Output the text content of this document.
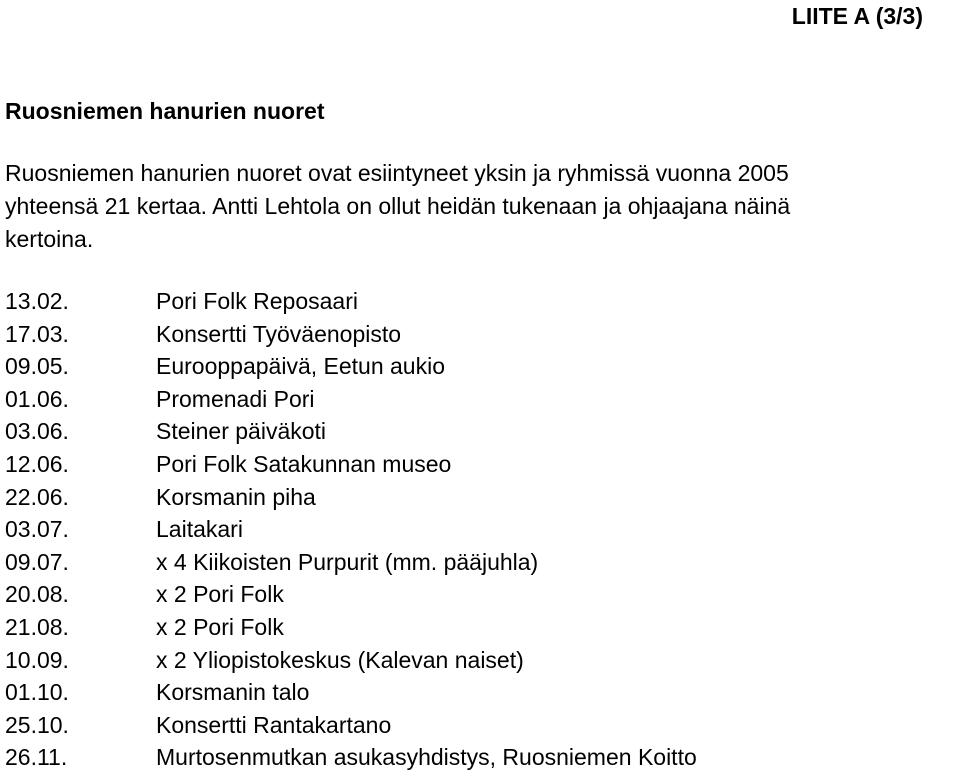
LIITE A (3/3)
Ruosniemen hanurien nuoret

Ruosniemen hanurien nuoret ovat esiintyneet yksin ja ryhmissä vuonna 2005
yhteensä 21 kertaa. Antti Lehtola on ollut heidän tukenaan ja ohjaajana näinä
kertoina.

13.02.	Pori Folk Reposaari
17.03.	Konsertti Työväenopisto
09.05.	Eurooppapäivä, Eetun aukio
01.06.	Promenadi Pori
03.06.	Steiner päiväkoti
12.06.	Pori Folk Satakunnan museo
22.06.	Korsmanin piha
03.07.	Laitakari
09.07.	x 4 Kiikoisten Purpurit (mm. pääjuhla)
20.08.	x 2 Pori Folk
21.08.	x 2 Pori Folk
10.09.	x 2 Yliopistokeskus (Kalevan naiset)
01.10.	Korsmanin talo
25.10.	Konsertti Rantakartano
26.11.	Murtosenmutkan asukasyhdistys, Ruosniemen Koitto
